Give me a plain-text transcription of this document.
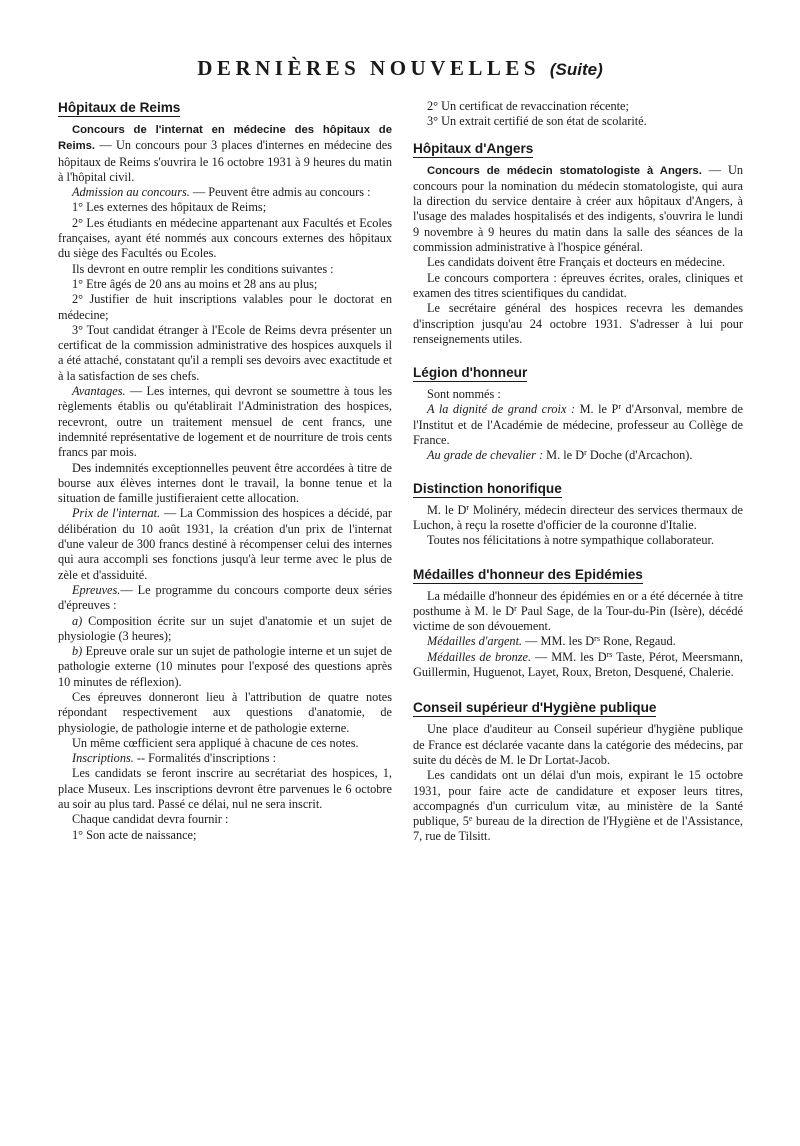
DERNIÈRES NOUVELLES (Suite)
Hôpitaux de Reims

Concours de l'internat en médecine des hôpitaux de Reims. — Un concours pour 3 places d'internes en médecine des hôpitaux de Reims s'ouvrira le 16 octobre 1931 à 9 heures du matin à l'hôpital civil.

Admission au concours. — Peuvent être admis au concours :

1° Les externes des hôpitaux de Reims;

2° Les étudiants en médecine appartenant aux Facultés et Ecoles françaises, ayant été nommés aux concours externes des hôpitaux du siège des Facultés ou Ecoles.

Ils devront en outre remplir les conditions suivantes :

1° Etre âgés de 20 ans au moins et 28 ans au plus;

2° Justifier de huit inscriptions valables pour le doctorat en médecine;

3° Tout candidat étranger à l'Ecole de Reims devra présenter un certificat de la commission administrative des hospices auxquels il a été attaché, constatant qu'il a rempli ses devoirs avec exactitude et à la satisfaction de ses chefs.

Avantages. — Les internes, qui devront se soumettre à tous les règlements établis ou qu'établirait l'Administration des hospices, recevront, outre un traitement mensuel de cent francs, une indemnité représentative de logement et de nourriture de trois cents francs par mois.

Des indemnités exceptionnelles peuvent être accordées à titre de bourse aux élèves internes dont le travail, la bonne tenue et la situation de famille justifieraient cette allocation.

Prix de l'internat. — La Commission des hospices a décidé, par délibération du 10 août 1931, la création d'un prix de l'internat d'une valeur de 300 francs destiné à récompenser celui des internes qui aura accompli ses fonctions jusqu'à leur terme avec le plus de zèle et d'assiduité.

Epreuves.— Le programme du concours comporte deux séries d'épreuves :

a) Composition écrite sur un sujet d'anatomie et un sujet de physiologie (3 heures);

b) Epreuve orale sur un sujet de pathologie interne et un sujet de pathologie externe (10 minutes pour l'exposé des questions après 10 minutes de réflexion).

Ces épreuves donneront lieu à l'attribution de quatre notes répondant respectivement aux questions d'anatomie, de physiologie, de pathologie interne et de pathologie externe.

Un même cœfficient sera appliqué à chacune de ces notes.

Inscriptions. -- Formalités d'inscriptions :

Les candidats se feront inscrire au secrétariat des hospices, 1, place Museux. Les inscriptions devront être parvenues le 6 octobre au soir au plus tard. Passé ce délai, nul ne sera inscrit.

Chaque candidat devra fournir :

1° Son acte de naissance;

2° Un certificat de revaccination récente;

3° Un extrait certifié de son état de scolarité.

Hôpitaux d'Angers

Concours de médecin stomatologiste à Angers. — Un concours pour la nomination du médecin stomatologiste, qui aura la direction du service dentaire à créer aux hôpitaux d'Angers, à l'usage des malades hospitalisés et des indigents, s'ouvrira le lundi 9 novembre à 9 heures du matin dans la salle des séances de la commission administrative à l'hospice général.

Les candidats doivent être Français et docteurs en médecine.

Le concours comportera : épreuves écrites, orales, cliniques et examen des titres scientifiques du candidat.

Le secrétaire général des hospices recevra les demandes d'inscription jusqu'au 24 octobre 1931. S'adresser à lui pour renseignements utiles.

Légion d'honneur

Sont nommés :

A la dignité de grand croix : M. le $P^r$ d'Arsonval, membre de l'Institut et de l'Académie de médecine, professeur au Collège de France.

Au grade de chevalier : M. le $D^r$ Doche (d'Arcachon).

Distinction honorifique

M. le $D^r$ Molinéry, médecin directeur des services thermaux de Luchon, à reçu la rosette d'officier de la couronne d'Italie.

Toutes nos félicitations à notre sympathique collaborateur.

Médailles d'honneur des Epidémies

La médaille d'honneur des épidémies en or a été décernée à titre posthume à M. le $D^r$ Paul Sage, de la Tour-du-Pin (Isère), décédé victime de son dévouement.

Médailles d'argent. — MM. les $D^{rs}$ Rone, Regaud.

Médailles de bronze. — MM. les $D^{rs}$ Taste, Pérot, Meersmann, Guillermin, Huguenot, Layet, Roux, Breton, Desquené, Chalerie.

Conseil supérieur d'Hygiène publique

Une place d'auditeur au Conseil supérieur d'hygiène publique de France est déclarée vacante dans la catégorie des médecins, par suite du décès de M. le Dr Lortat-Jacob.

Les candidats ont un délai d'un mois, expirant le 15 octobre 1931, pour faire acte de candidature et exposer leurs titres, accompagnés d'un curriculum vitæ, au ministère de la Santé publique, 5e bureau de la direction de l'Hygiène et de l'Assistance, 7, rue de Tilsitt.
